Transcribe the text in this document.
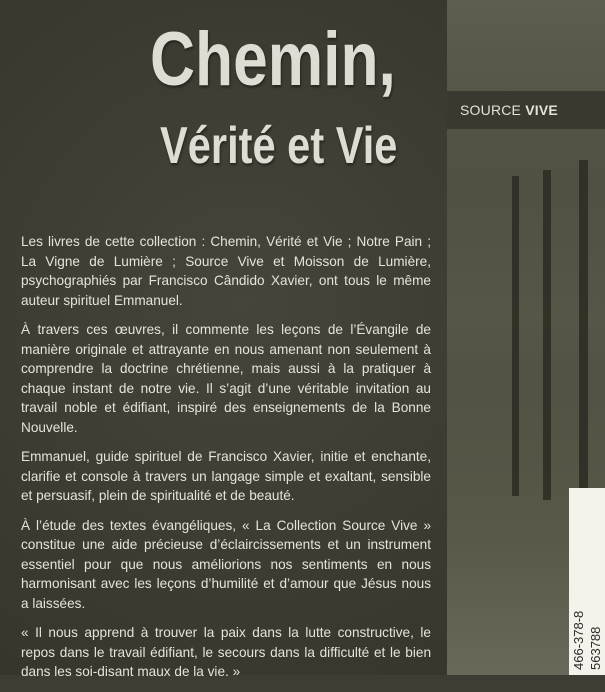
SOURCE VIVE
Chemin,
Vérité et Vie

Les livres de cette collection : Chemin, Vérité et Vie ; Notre Pain ; La Vigne de Lumière ; Source Vive et Moisson de Lumière, psychographiés par Francisco Cândido Xavier, ont tous le même auteur spirituel Emmanuel.

À travers ces œuvres, il commente les leçons de l’Évangile de manière originale et attrayante en nous amenant non seulement à comprendre la doctrine chrétienne, mais aussi à la pratiquer à chaque instant de notre vie. Il s’agit d’une véritable invitation au travail noble et édifiant, inspiré des enseignements de la Bonne Nouvelle.

Emmanuel, guide spirituel de Francisco Xavier, initie et enchante, clarifie et console à travers un langage simple et exaltant, sensible et persuasif, plein de spiritualité et de beauté.

À l’étude des textes évangéliques, « La Collection Source Vive » constitue une aide précieuse d’éclaircissements et un instrument essentiel pour que nous améliorions nos sentiments en nous harmonisant avec les leçons d’humilité et d’amour que Jésus nous a laissées.

« Il nous apprend à trouver la paix dans la lutte constructive, le repos dans le travail édifiant, le secours dans la difficulté et le bien dans les soi-disant maux de la vie. »

466-378-8 563788
